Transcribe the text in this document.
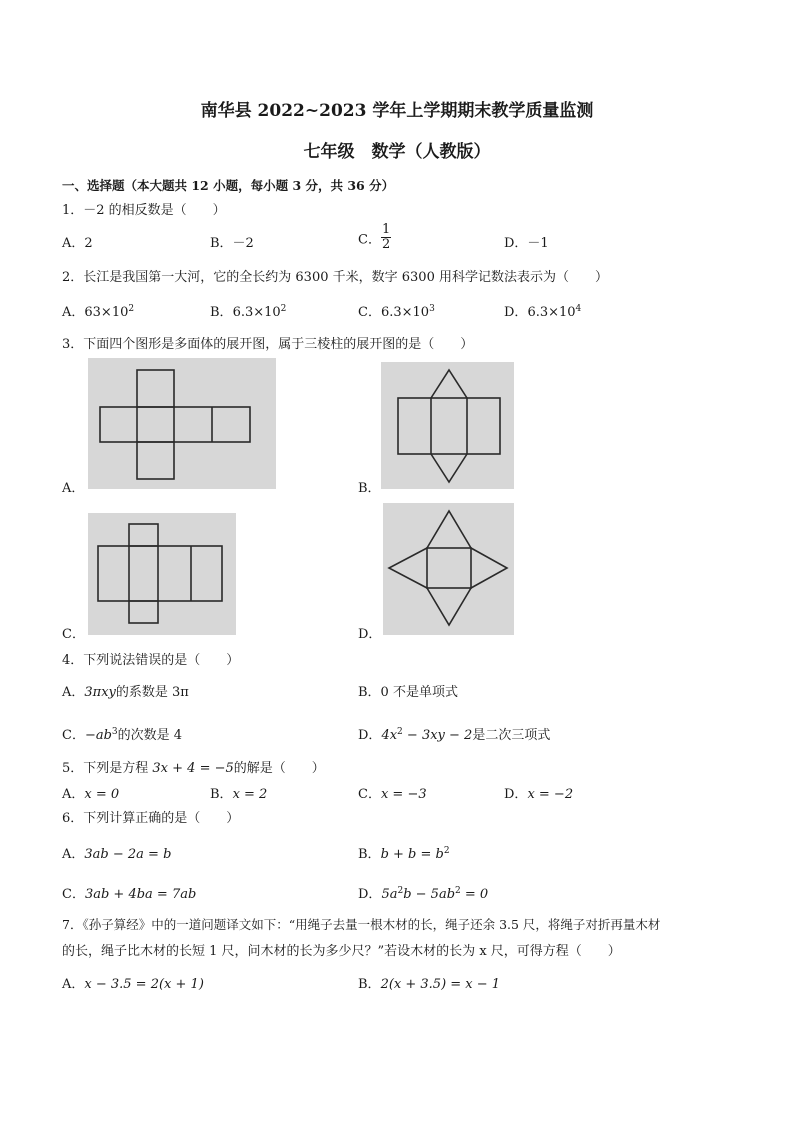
南华县 2022~2023 学年上学期期末教学质量监测
七年级　数学（人教版）
一、选择题（本大题共 12 小题，每小题 3 分，共 36 分）
1．－2 的相反数是（　　）
A．2	B．－2	C． $\frac{1}{2}$	D．－1
2．长江是我国第一大河，它的全长约为 6300 千米，数字 6300 用科学记数法表示为（　　）
A．$63\times 10^2$	B．$6.3\times 10^2$	C．$6.3\times 10^3$	D．$6.3\times 10^4$
3．下面四个图形是多面体的展开图，属于三棱柱的展开图的是（　　）
A．	B．
C．	D．
4．下列说法错误的是（　　）
A．3πxy的系数是 3π	B．0 不是单项式
C．$-ab^3$的次数是 4	D．$4x^2 - 3xy - 2$是二次三项式
5．下列是方程 3x + 4 = −5的解是（　　）
A．x = 0	B．x = 2	C．x = −3	D．x = −2
6．下列计算正确的是（　　）
A．3ab − 2a = b	B．$b + b = b^2$
C．3ab + 4ba = 7ab	D．$5a^2b - 5ab^2 = 0$
7．《孙子算经》中的一道问题译文如下：“用绳子去量一根木材的长，绳子还余 3.5 尺，将绳子对折再量木材
的长，绳子比木材的长短 1 尺，问木材的长为多少尺？”若设木材的长为 x 尺，可得方程（　　）
A．x − 3.5 = 2(x + 1)	B．2(x + 3.5) = x − 1
